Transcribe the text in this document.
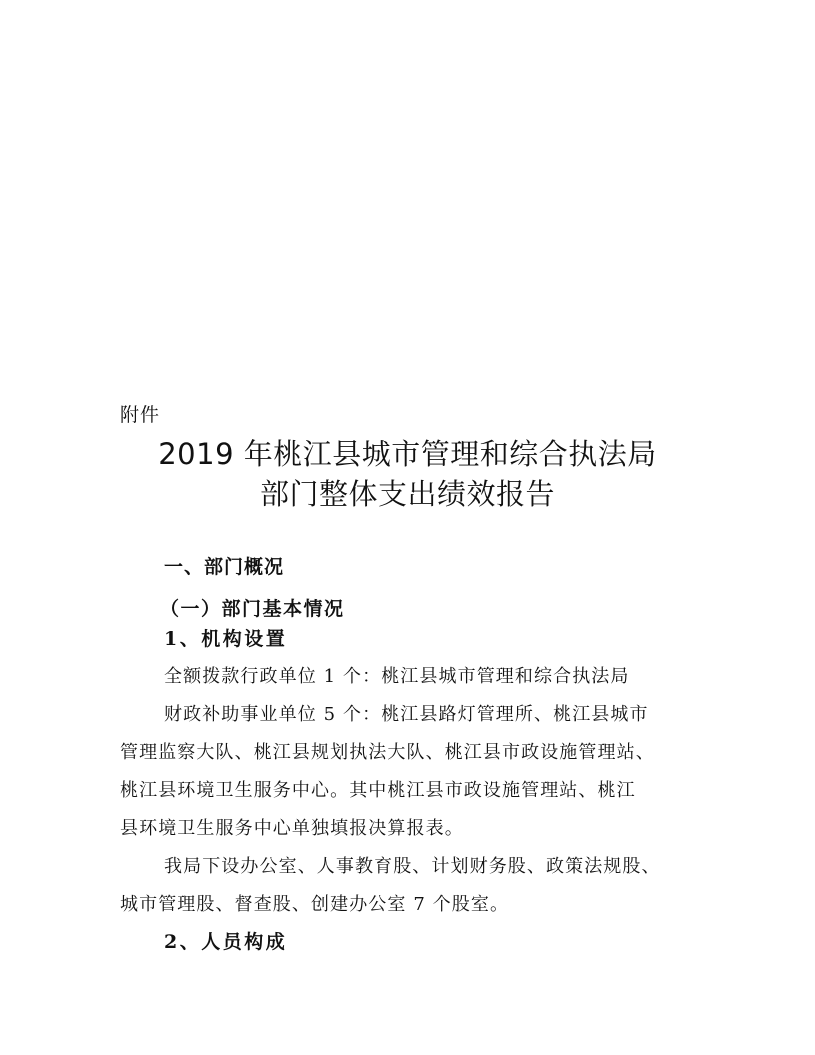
附件
2019 年桃江县城市管理和综合执法局
部门整体支出绩效报告
一、部门概况
（一）部门基本情况
1、机构设置
全额拨款行政单位 1 个：桃江县城市管理和综合执法局
财政补助事业单位 5 个：桃江县路灯管理所、桃江县城市
管理监察大队、桃江县规划执法大队、桃江县市政设施管理站、
桃江县环境卫生服务中心。其中桃江县市政设施管理站、桃江
县环境卫生服务中心单独填报决算报表。
我局下设办公室、人事教育股、计划财务股、政策法规股、
城市管理股、督查股、创建办公室 7 个股室。
2、人员构成
